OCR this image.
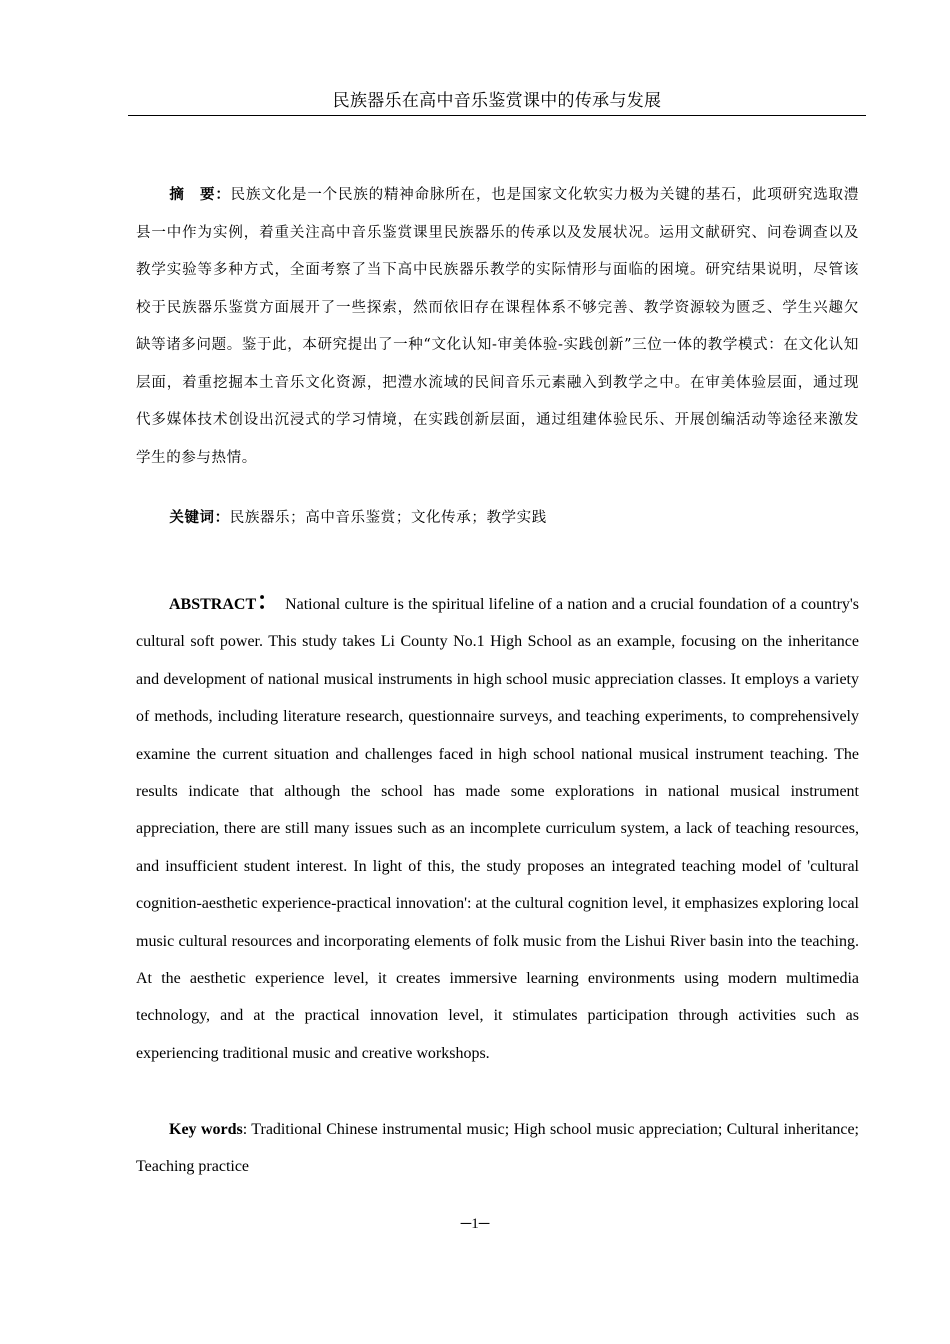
民族器乐在高中音乐鉴赏课中的传承与发展
摘　要：民族文化是一个民族的精神命脉所在，也是国家文化软实力极为关键的基石，此项研究选取澧县一中作为实例，着重关注高中音乐鉴赏课里民族器乐的传承以及发展状况。运用文献研究、问卷调查以及教学实验等多种方式，全面考察了当下高中民族器乐教学的实际情形与面临的困境。研究结果说明，尽管该校于民族器乐鉴赏方面展开了一些探索，然而依旧存在课程体系不够完善、教学资源较为匮乏、学生兴趣欠缺等诸多问题。鉴于此，本研究提出了一种“文化认知-审美体验-实践创新”三位一体的教学模式：在文化认知层面，着重挖掘本土音乐文化资源，把澧水流域的民间音乐元素融入到教学之中。在审美体验层面，通过现代多媒体技术创设出沉浸式的学习情境，在实践创新层面，通过组建体验民乐、开展创编活动等途径来激发学生的参与热情。
关键词：民族器乐；高中音乐鉴赏；文化传承；教学实践
ABSTRACT： National culture is the spiritual lifeline of a nation and a crucial foundation of a country's cultural soft power. This study takes Li County No.1 High School as an example, focusing on the inheritance and development of national musical instruments in high school music appreciation classes. It employs a variety of methods, including literature research, questionnaire surveys, and teaching experiments, to comprehensively examine the current situation and challenges faced in high school national musical instrument teaching. The results indicate that although the school has made some explorations in national musical instrument appreciation, there are still many issues such as an incomplete curriculum system, a lack of teaching resources, and insufficient student interest. In light of this, the study proposes an integrated teaching model of 'cultural cognition-aesthetic experience-practical innovation': at the cultural cognition level, it emphasizes exploring local music cultural resources and incorporating elements of folk music from the Lishui River basin into the teaching. At the aesthetic experience level, it creates immersive learning environments using modern multimedia technology, and at the practical innovation level, it stimulates participation through activities such as experiencing traditional music and creative workshops.
Key words: Traditional Chinese instrumental music; High school music appreciation; Cultural inheritance; Teaching practice
─1─
